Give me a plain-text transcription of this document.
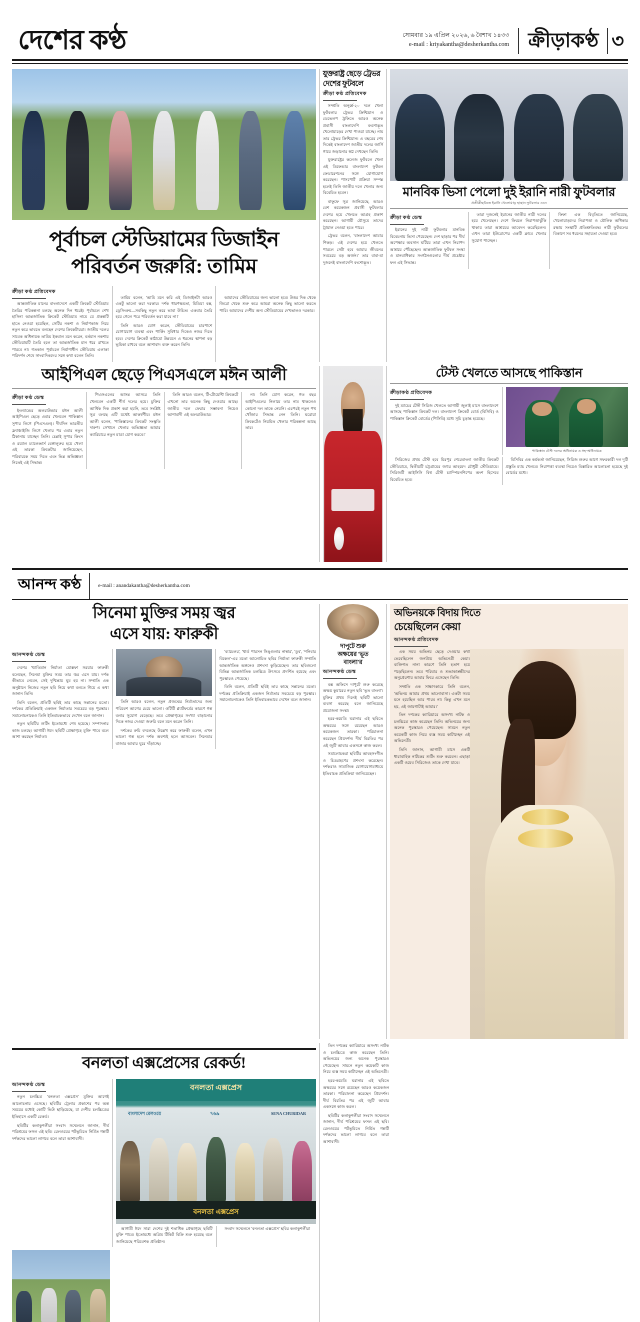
দেশের কণ্ঠ	সোমবার ১৯ এপ্রিল ২০২৬, ৬ বৈশাখ ১৪৩৩
e-mail : kriyakantha@desherkantha.com ক্রীড়াকণ্ঠ ৩
পূর্বাচল স্টেডিয়ামের ডিজাইন
পরিবর্তন জরুরি: তামিম
ক্রীড়া কণ্ঠ প্রতিবেদক

আন্তর্জাতিক মানের বাংলাদেশে একটি ক্রিকেট স্টেডিয়াম তৈরির পরিকল্পনা চলছে অনেক দিন ধরেই। পূর্বাচলে শেখ হাসিনা আন্তর্জাতিক ক্রিকেট স্টেডিয়াম নামে যে প্রকল্পটি হাতে নেওয়া হয়েছিল, সেটির নকশা ও নির্মাণকাজ নিয়ে নতুন করে ভাবতে বলছেন দেশের ক্রিকেটাররা। জাতীয় দলের সাবেক অধিনায়ক তামিম ইকবাল মনে করেন, বর্তমান নকশায় স্টেডিয়ামটি তৈরি হলে তা আন্তর্জাতিক মান ধরে রাখতে পারবে না। গতকাল পূর্বাচলে নির্মাণাধীন স্টেডিয়াম এলাকা পরিদর্শন শেষে সাংবাদিকদের সঙ্গে কথা বলেন তিনি।

তামিম বলেন, 'আমি মনে করি এই ডিজাইনটা আরও একটু ভালো করা দরকার। দর্শক ধারণক্ষমতা, মিডিয়া বক্স, ড্রেসিংরুম—সবকিছু নতুন করে ভাবা উচিত। একবার তৈরি হয়ে গেলে পরে পরিবর্তন করা যাবে না।'

তিনি আরও যোগ করেন, স্টেডিয়ামের চারপাশে যোগাযোগ ব্যবস্থা এবং পার্কিং সুবিধার দিকেও নজর দিতে হবে। দেশের ক্রিকেট কাঠামো উন্নয়নে এ ধরনের স্থাপনা বড় ভূমিকা রাখবে বলে আশাবাদ ব্যক্ত করেন তিনি।

আমাদের স্টেডিয়ামের জন্য ভালো হবে। উত্তর দিক থেকে জিরো থেকে শুরু করে আমরা অনেক কিছু ভালো করতে পারি। আমাদের দেশীয় অন্য স্টেডিয়ামের দেখভালও দরকার।

যুক্তরাষ্ট্র ছেড়ে ট্রেভর
দেশের ফুটবলে
ক্রীড়া কণ্ঠ প্রতিবেদক

সম্প্রতি অনূর্ধ্ব-২০ দলে খেলা ফুটবলার ট্রেভর ক্রিশ্চিয়ান ও ডেভেলপ ট্রফিতে আরও অনেক প্রবাসী বাংলাদেশি বংশোদ্ভূত খেলোয়াড়ের দেখা পাওয়া যাচ্ছে। নাম তার ট্রেভর ক্রিশ্চিয়ান। এ বছরের শেষ দিকেই বাংলাদেশ জাতীয় দলের জার্সি গায়ে জড়ানোর স্বপ্ন দেখছেন তিনি।

যুক্তরাষ্ট্রের কলেজ ফুটবলে খেলা এই ডিফেন্ডার বাংলাদেশ ফুটবল ফেডারেশনের সঙ্গে যোগাযোগ করেছেন। পাসপোর্ট প্রক্রিয়া সম্পন্ন হলেই তিনি জাতীয় দলে খেলার জন্য বিবেচিত হবেন।

বাফুফে সূত্র জানিয়েছে, আরও বেশ কয়েকজন প্রবাসী ফুটবলার দেশের হয়ে খেলতে আগ্রহ প্রকাশ করেছেন। আগামী মৌসুমে তাদের ট্রায়াল নেওয়া হতে পারে।

ট্রেভর বলেন, 'বাংলাদেশ আমার শিকড়। এই দেশের হয়ে খেলতে পারলে সেটা হবে আমার জীবনের সবচেয়ে বড় অর্জন।' তার বাবা-মা দুজনেই বাংলাদেশি বংশোদ্ভূত।

মানবিক ভিসা পেলো দুই ইরানি নারী ফুটবলার
প্রতীকীছবিতে ইরানি খেলোয়াড় হাছান ফুটবলার এনে
ক্রীড়া কণ্ঠ ডেস্ক

ইরানের দুই নারী ফুটবলার মানবিক বিবেচনায় ভিসা পেয়েছেন। দেশ ছাড়ার পর দীর্ঘ অপেক্ষার অবসান ঘটিয়ে তারা এখন নিরাপদ আশ্রয়ে পৌঁছেছেন। আন্তর্জাতিক ফুটবল সংস্থা ও মানবাধিকার সংগঠনগুলোর দীর্ঘ প্রচেষ্টার ফল এই সিদ্ধান্ত।

তারা দুজনেই ইরানের জাতীয় নারী দলের হয়ে খেলেছেন। দেশে ফিরলে নিরাপত্তাঝুঁকি থাকায় তারা আশ্রয়ের আবেদন করেছিলেন। এখন তারা ইউরোপের একটি ক্লাবে খেলার সুযোগ পাচ্ছেন।

ফিফা এক বিবৃতিতে জানিয়েছে, খেলোয়াড়দের নিরাপত্তা ও মৌলিক অধিকার রক্ষায় সংস্থাটি প্রতিশ্রুতিবদ্ধ। নারী ফুটবলের বিকাশে সব ধরনের সহায়তা দেওয়া হবে।

আইপিএল ছেড়ে পিএসএলে মঈন আলী
ক্রীড়া কণ্ঠ ডেস্ক

ইংল্যান্ডের অলরাউন্ডার মঈন আলী আইপিএল ছেড়ে এবার খেলবেন পাকিস্তান সুপার লিগে (পিএসএল)। দীর্ঘদিন ভারতীয় ফ্র্যাঞ্চাইজি লিগে খেলার পর এবার নতুন ঠিকানায় যাচ্ছেন তিনি। চেন্নাই সুপার কিংস ও রয়্যাল চ্যালেঞ্জার্স বেঙ্গালুরুর হয়ে খেলা এই তারকা ক্রিকেটার জানিয়েছেন, পরিবারকে সময় দিতে এবং ভিন্ন অভিজ্ঞতা নিতেই এই সিদ্ধান্ত।

পিএসএলের আসন্ন আসরে তিনি খেলবেন একটি শীর্ষ দলের হয়ে। চুক্তির আর্থিক দিক প্রকাশ করা হয়নি, তবে সংশ্লিষ্ট সূত্র বলছে এটি যথেষ্ট আকর্ষণীয়। মঈন আলী বলেন, 'পাকিস্তানের ক্রিকেট সংস্কৃতি দারুণ। সেখানে খেলার অভিজ্ঞতা আমার ক্যারিয়ারে নতুন মাত্রা যোগ করবে।'

তিনি আরও বলেন, টি-টোয়েন্টি ক্রিকেটে এখনো তার অনেক কিছু দেওয়ার আছে। জাতীয় দলে ফেরার সম্ভাবনা নিয়েও আশাবাদী এই অলরাউন্ডার।

না। তিনি যোগ করেন, গত বছর আইপিএলের নিলামে তার নাম থাকলেও কোনো দল তাকে নেয়নি। এরপরই নতুন পথ খোঁজার সিদ্ধান্ত নেন তিনি। ঘরোয়া ক্রিকেটেও নিয়মিত খেলার পরিকল্পনা আছে তার।

টেস্ট খেলতে আসছে পাকিস্তান
ক্রীড়াকণ্ঠ প্রতিবেদক

দুই ম্যাচের টেস্ট সিরিজ খেলতে আগামী জুলাই মাসে বাংলাদেশে আসছে পাকিস্তান ক্রিকেট দল। বাংলাদেশ ক্রিকেট বোর্ড (বিসিবি) ও পাকিস্তান ক্রিকেট বোর্ডের (পিসিবি) মধ্যে সূচি চূড়ান্ত হয়েছে।

পাকিস্তান টেস্ট দলের অধিনায়ক ও সহ-অধিনায়ক

সিরিজের প্রথম টেস্ট হবে মিরপুর শেরেবাংলা জাতীয় ক্রিকেট স্টেডিয়ামে, দ্বিতীয়টি চট্টগ্রামের জহুর আহমেদ চৌধুরী স্টেডিয়ামে। সিরিজটি আইসিসি বিশ্ব টেস্ট চ্যাম্পিয়নশিপের অংশ হিসেবে বিবেচিত হবে।

বিসিবির এক কর্মকর্তা জানিয়েছেন, সিরিজ শুরুর আগে সফরকারী দল দুটি প্রস্তুতি ম্যাচ খেলবে। নিরাপত্তা ব্যবস্থা নিয়েও বিস্তারিত আলোচনা হয়েছে দুই বোর্ডের মধ্যে।

আনন্দ কণ্ঠ	e-mail : anandakantha@desherkantha.com
সিনেমা মুক্তির সময় জ্বর
এসে যায়: ফারুকী
আনন্দকণ্ঠ ডেস্ক

দেশের খ্যাতিমান নির্মাতা মোস্তফা সরয়ার ফারুকী বলেছেন, সিনেমা মুক্তির সময় তার জ্বর এসে যায়। দর্শক কীভাবে নেবেন, সেই দুশ্চিন্তায় ঘুম হয় না। সম্প্রতি এক অনুষ্ঠানে নিজের নতুন ছবি নিয়ে কথা বলতে গিয়ে এ কথা জানান তিনি।

তিনি বলেন, প্রতিটি ছবিই তার কাছে সন্তানের মতো। দর্শকের প্রতিক্রিয়াই একজন নির্মাতার সবচেয়ে বড় পুরস্কার। সমালোচনাকেও তিনি ইতিবাচকভাবে দেখেন বলে জানান।

নতুন ছবিটির শুটিং ইতোমধ্যে শেষ হয়েছে। সম্পাদনার কাজ চলছে। আগামী ঈদে ছবিটি প্রেক্ষাগৃহে মুক্তি পাবে বলে আশা করছেন নির্মাতা।

তিনি আরও বলেন, নতুন প্রজন্মের নির্মাতাদের জন্য পরিবেশ আগের চেয়ে ভালো। ওটিটি প্ল্যাটফর্মের কারণে গল্প বলার সুযোগ বেড়েছে। তবে প্রেক্ষাগৃহের সংখ্যা বাড়ানোর দিকে নজর দেওয়া জরুরি বলে মনে করেন তিনি।

দর্শকের রুচি বদলেছে উল্লেখ করে ফারুকী বলেন, এখন ভালো গল্প হলে দর্শক অবশ্যই হলে আসবেন। সিনেমার বাজার আবার ঘুরে দাঁড়াচ্ছে।

'ব্যাচেলর', 'থার্ড পারসন সিঙ্গুলার নাম্বার', 'ডুব', 'শনিবার বিকেল'-এর মতো আলোচিত ছবির নির্মাতা ফারুকী সম্প্রতি আন্তর্জাতিক অঙ্গনেও প্রশংসা কুড়িয়েছেন। তার ছবিগুলো বিভিন্ন আন্তর্জাতিক চলচ্চিত্র উৎসবে প্রদর্শিত হয়েছে এবং পুরস্কারও পেয়েছে।

তিনি বলেন, প্রতিটি ছবিই তার কাছে সন্তানের মতো। দর্শকের প্রতিক্রিয়াই একজন নির্মাতার সবচেয়ে বড় পুরস্কার। সমালোচনাকেও তিনি ইতিবাচকভাবে দেখেন বলে জানান।

দাপুটে শুরু
অক্ষয়ের 'ভূত
বাংলা'র
আনন্দকণ্ঠ ডেস্ক

বক্স অফিসে দাপুটে শুরু করেছে অক্ষয় কুমারের নতুন ছবি 'ভূত বাংলা'। মুক্তির প্রথম দিনেই ছবিটি ভালো ব্যবসা করেছে বলে জানিয়েছে প্রযোজনা সংস্থা।

হরর-কমেডি ঘরানার এই ছবিতে অক্ষয়ের সঙ্গে রয়েছেন আরও কয়েকজন তারকা। পরিচালনা করেছেন প্রিয়দর্শন। দীর্ঘ বিরতির পর এই জুটি আবার একসঙ্গে কাজ করল।

সমালোচকরা ছবিটির আবহসংগীত ও চিত্রগ্রহণের প্রশংসা করেছেন। দর্শকরাও সামাজিক যোগাযোগমাধ্যমে ইতিবাচক প্রতিক্রিয়া জানিয়েছেন।

অভিনয়কে বিদায় দিতে
চেয়েছিলেন কেয়া
আনন্দকণ্ঠ প্রতিবেদক

এক সময় অভিনয় ছেড়ে দেওয়ার কথা ভেবেছিলেন জনপ্রিয় অভিনেত্রী কেয়া। ব্যক্তিগত নানা কারণে তিনি হতাশ হয়ে পড়েছিলেন। তবে পরিবার ও শুভাকাঙ্ক্ষীদের অনুপ্রেরণায় আবার ফিরে এসেছেন তিনি।

সম্প্রতি এক সাক্ষাৎকারে তিনি বলেন, 'অভিনয় আমার প্রথম ভালোবাসা। একটা সময় মনে হয়েছিল আর পারব না। কিন্তু এখন মনে হয়, এই জায়গাটাই আমার।'

তিন দশকের ক্যারিয়ারে অসংখ্য নাটক ও চলচ্চিত্রে কাজ করেছেন তিনি। অভিনয়ের জন্য অনেক পুরস্কারও পেয়েছেন। সামনে নতুন কয়েকটি কাজ নিয়ে ব্যস্ত সময় কাটাচ্ছেন এই অভিনেত্রী।

তিনি জানান, আগামী মাসে একটি ধারাবাহিক নাটকের শুটিং শুরু করবেন। এছাড়া একটি ওয়েব সিরিজেও তাকে দেখা যাবে।

বনলতা এক্সপ্রেসের রেকর্ড!
আনন্দকণ্ঠ ডেস্ক

নতুন চলচ্চিত্র 'বনলতা এক্সপ্রেস' মুক্তির আগেই আলোচনায় এসেছে। ছবিটির ট্রেলার প্রকাশের পর অল্প সময়ের মধ্যেই কোটি ভিউ ছাড়িয়েছে, যা দেশীয় চলচ্চিত্রের ইতিহাসে একটি রেকর্ড।

ছবিটির কলাকুশলীরা সংবাদ সম্মেলনে জানান, দীর্ঘ পরিশ্রমের ফসল এই ছবি। রেলওয়ের পটভূমিতে নির্মিত গল্পটি দর্শকদের ভালো লাগবে বলে তারা আশাবাদী।

বনলতা এক্সপ্রেস
বাংলাদেশ রেলওয়ে	৭৬৯	SENA CHURIDAR
বনলতা এক্সপ্রেস

আগামী ঈদে সারা দেশের দুই শতাধিক প্রেক্ষাগৃহে ছবিটি মুক্তি পাবে। ইতোমধ্যে অগ্রিম টিকিট বিক্রি শুরু হয়েছে বলে জানিয়েছে পরিবেশক প্রতিষ্ঠান।

সংবাদ সম্মেলনে 'বনলতা এক্সপ্রেস' ছবির কলাকুশলীরা

তিন দশকের ক্যারিয়ারে অসংখ্য নাটক ও চলচ্চিত্রে কাজ করেছেন তিনি। অভিনয়ের জন্য অনেক পুরস্কারও পেয়েছেন। সামনে নতুন কয়েকটি কাজ নিয়ে ব্যস্ত সময় কাটাচ্ছেন এই অভিনেত্রী।

হরর-কমেডি ঘরানার এই ছবিতে অক্ষয়ের সঙ্গে রয়েছেন আরও কয়েকজন তারকা। পরিচালনা করেছেন প্রিয়দর্শন। দীর্ঘ বিরতির পর এই জুটি আবার একসঙ্গে কাজ করল।

ছবিটির কলাকুশলীরা সংবাদ সম্মেলনে জানান, দীর্ঘ পরিশ্রমের ফসল এই ছবি। রেলওয়ের পটভূমিতে নির্মিত গল্পটি দর্শকদের ভালো লাগবে বলে তারা আশাবাদী।
